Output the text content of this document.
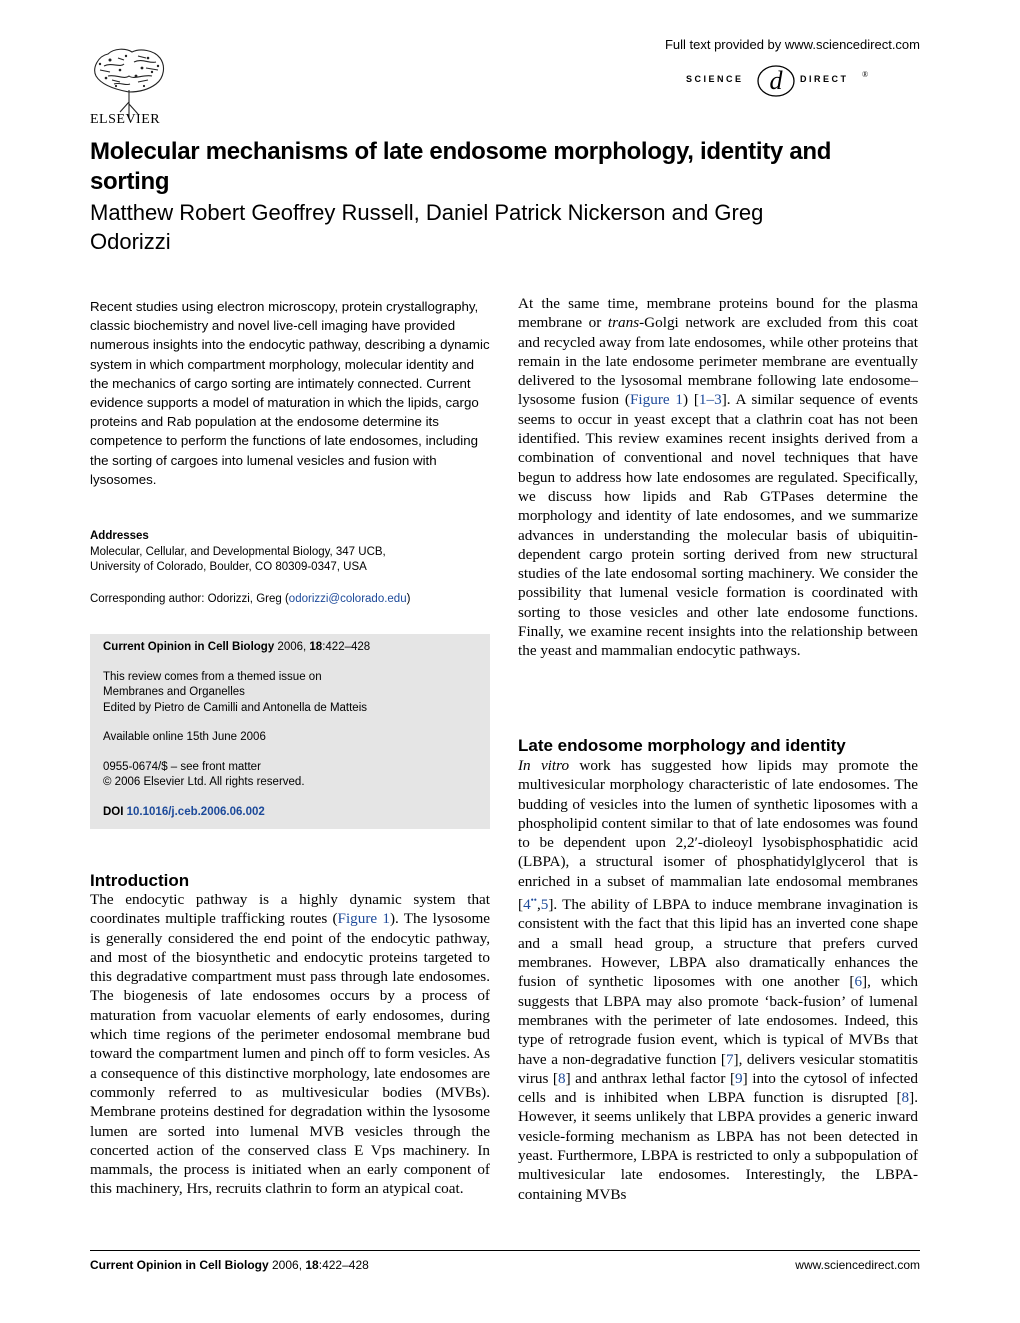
ELSEVIER
Full text provided by www.sciencedirect.com
SCIENCE d DIRECT ®
Molecular mechanisms of late endosome morphology, identity and sorting
Matthew Robert Geoffrey Russell, Daniel Patrick Nickerson and Greg Odorizzi
Recent studies using electron microscopy, protein crystallography, classic biochemistry and novel live-cell imaging have provided numerous insights into the endocytic pathway, describing a dynamic system in which compartment morphology, molecular identity and the mechanics of cargo sorting are intimately connected. Current evidence supports a model of maturation in which the lipids, cargo proteins and Rab population at the endosome determine its competence to perform the functions of late endosomes, including the sorting of cargoes into lumenal vesicles and fusion with lysosomes.
Addresses
Molecular, Cellular, and Developmental Biology, 347 UCB,
University of Colorado, Boulder, CO 80309-0347, USA
Corresponding author: Odorizzi, Greg (odorizzi@colorado.edu)
Current Opinion in Cell Biology 2006, 18:422–428
This review comes from a themed issue on
Membranes and Organelles
Edited by Pietro de Camilli and Antonella de Matteis
Available online 15th June 2006
0955-0674/$ – see front matter
© 2006 Elsevier Ltd. All rights reserved.
DOI 10.1016/j.ceb.2006.06.002
Introduction
The endocytic pathway is a highly dynamic system that coordinates multiple trafficking routes (Figure 1). The lysosome is generally considered the end point of the endocytic pathway, and most of the biosynthetic and endocytic proteins targeted to this degradative compartment must pass through late endosomes. The biogenesis of late endosomes occurs by a process of maturation from vacuolar elements of early endosomes, during which time regions of the perimeter endosomal membrane bud toward the compartment lumen and pinch off to form vesicles. As a consequence of this distinctive morphology, late endosomes are commonly referred to as multivesicular bodies (MVBs). Membrane proteins destined for degradation within the lysosome lumen are sorted into lumenal MVB vesicles through the concerted action of the conserved class E Vps machinery. In mammals, the process is initiated when an early component of this machinery, Hrs, recruits clathrin to form an atypical coat.
At the same time, membrane proteins bound for the plasma membrane or trans-Golgi network are excluded from this coat and recycled away from late endosomes, while other proteins that remain in the late endosome perimeter membrane are eventually delivered to the lysosomal membrane following late endosome–lysosome fusion (Figure 1) [1–3]. A similar sequence of events seems to occur in yeast except that a clathrin coat has not been identified. This review examines recent insights derived from a combination of conventional and novel techniques that have begun to address how late endosomes are regulated. Specifically, we discuss how lipids and Rab GTPases determine the morphology and identity of late endosomes, and we summarize advances in understanding the molecular basis of ubiquitin-dependent cargo protein sorting derived from new structural studies of the late endosomal sorting machinery. We consider the possibility that lumenal vesicle formation is coordinated with sorting to those vesicles and other late endosome functions. Finally, we examine recent insights into the relationship between the yeast and mammalian endocytic pathways.
Late endosome morphology and identity
In vitro work has suggested how lipids may promote the multivesicular morphology characteristic of late endosomes. The budding of vesicles into the lumen of synthetic liposomes with a phospholipid content similar to that of late endosomes was found to be dependent upon 2,2′-dioleoyl lysobisphosphatidic acid (LBPA), a structural isomer of phosphatidylglycerol that is enriched in a subset of mammalian late endosomal membranes [4••,5]. The ability of LBPA to induce membrane invagination is consistent with the fact that this lipid has an inverted cone shape and a small head group, a structure that prefers curved membranes. However, LBPA also dramatically enhances the fusion of synthetic liposomes with one another [6], which suggests that LBPA may also promote ‘back-fusion’ of lumenal membranes with the perimeter of late endosomes. Indeed, this type of retrograde fusion event, which is typical of MVBs that have a non-degradative function [7], delivers vesicular stomatitis virus [8] and anthrax lethal factor [9] into the cytosol of infected cells and is inhibited when LBPA function is disrupted [8]. However, it seems unlikely that LBPA provides a generic inward vesicle-forming mechanism as LBPA has not been detected in yeast. Furthermore, LBPA is restricted to only a subpopulation of multivesicular late endosomes. Interestingly, the LBPA-containing MVBs
Current Opinion in Cell Biology 2006, 18:422–428	www.sciencedirect.com
